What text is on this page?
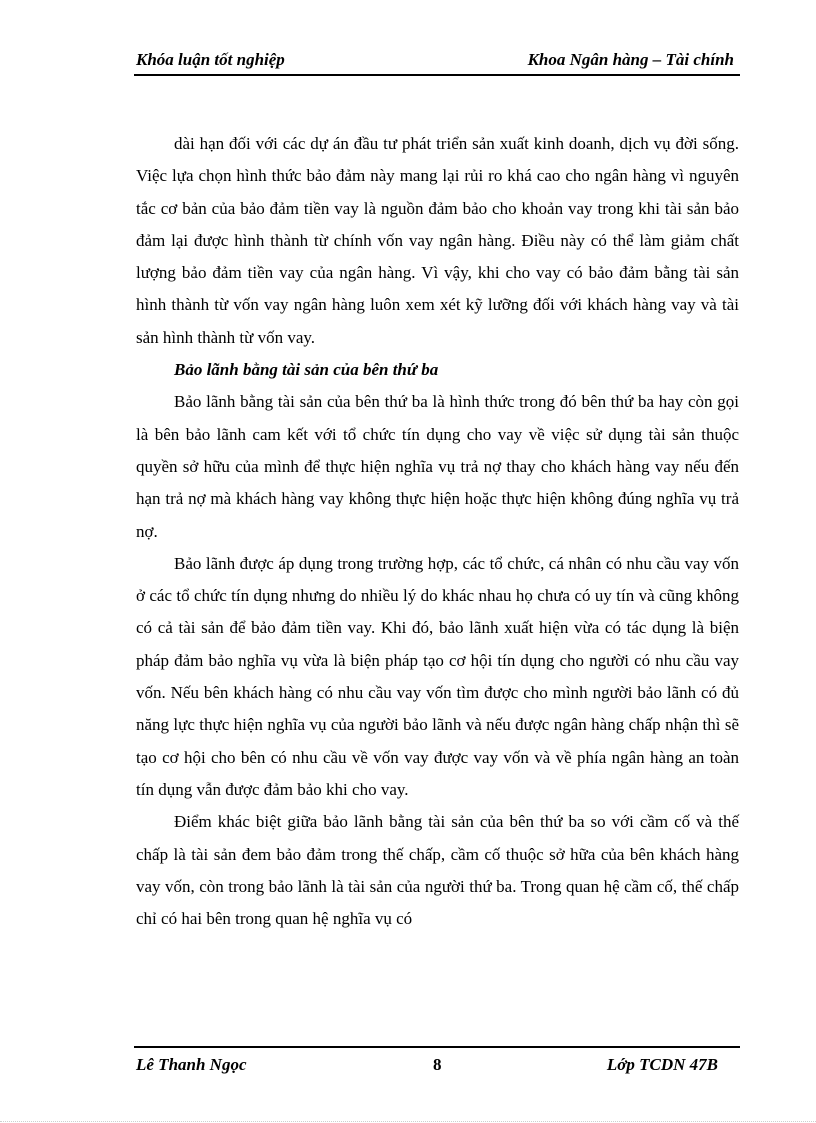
Khóa luận tốt nghiệp	Khoa Ngân hàng – Tài chính

dài hạn đối với các dự án đầu tư phát triển sản xuất kinh doanh, dịch vụ đời sống. Việc lựa chọn hình thức bảo đảm này mang lại rủi ro khá cao cho ngân hàng vì nguyên tắc cơ bản của bảo đảm tiền vay là nguồn đảm bảo cho khoản vay trong khi tài sản bảo đảm lại được hình thành từ chính vốn vay ngân hàng. Điều này có thể làm giảm chất lượng bảo đảm tiền vay của ngân hàng. Vì vậy, khi cho vay có bảo đảm bằng tài sản hình thành từ vốn vay ngân hàng luôn xem xét kỹ lưỡng đối với khách hàng vay và tài sản hình thành từ vốn vay.

Bảo lãnh bằng tài sản của bên thứ ba

Bảo lãnh bằng tài sản của bên thứ ba là hình thức trong đó bên thứ ba hay còn gọi là bên bảo lãnh cam kết với tổ chức tín dụng cho vay về việc sử dụng tài sản thuộc quyền sở hữu của mình để thực hiện nghĩa vụ trả nợ thay cho khách hàng vay nếu đến hạn trả nợ mà khách hàng vay không thực hiện hoặc thực hiện không đúng nghĩa vụ trả nợ.

Bảo lãnh được áp dụng trong trường hợp, các tổ chức, cá nhân có nhu cầu vay vốn ở các tổ chức tín dụng nhưng do nhiều lý do khác nhau họ chưa có uy tín và cũng không có cả tài sản để bảo đảm tiền vay. Khi đó, bảo lãnh xuất hiện vừa có tác dụng là biện pháp đảm bảo nghĩa vụ vừa là biện pháp tạo cơ hội tín dụng cho người có nhu cầu vay vốn. Nếu bên khách hàng có nhu cầu vay vốn tìm được cho mình người bảo lãnh có đủ năng lực thực hiện nghĩa vụ của người bảo lãnh và nếu được ngân hàng chấp nhận thì sẽ tạo cơ hội cho bên có nhu cầu về vốn vay được vay vốn và về phía ngân hàng an toàn tín dụng vẫn được đảm bảo khi cho vay.

Điểm khác biệt giữa bảo lãnh bằng tài sản của bên thứ ba so với cầm cố và thế chấp là tài sản đem bảo đảm trong thế chấp, cầm cố thuộc sở hữa của bên khách hàng vay vốn, còn trong bảo lãnh là tài sản của người thứ ba. Trong quan hệ cầm cố, thế chấp chỉ có hai bên trong quan hệ nghĩa vụ có

Lê Thanh Ngọc	8	Lớp TCDN 47B
